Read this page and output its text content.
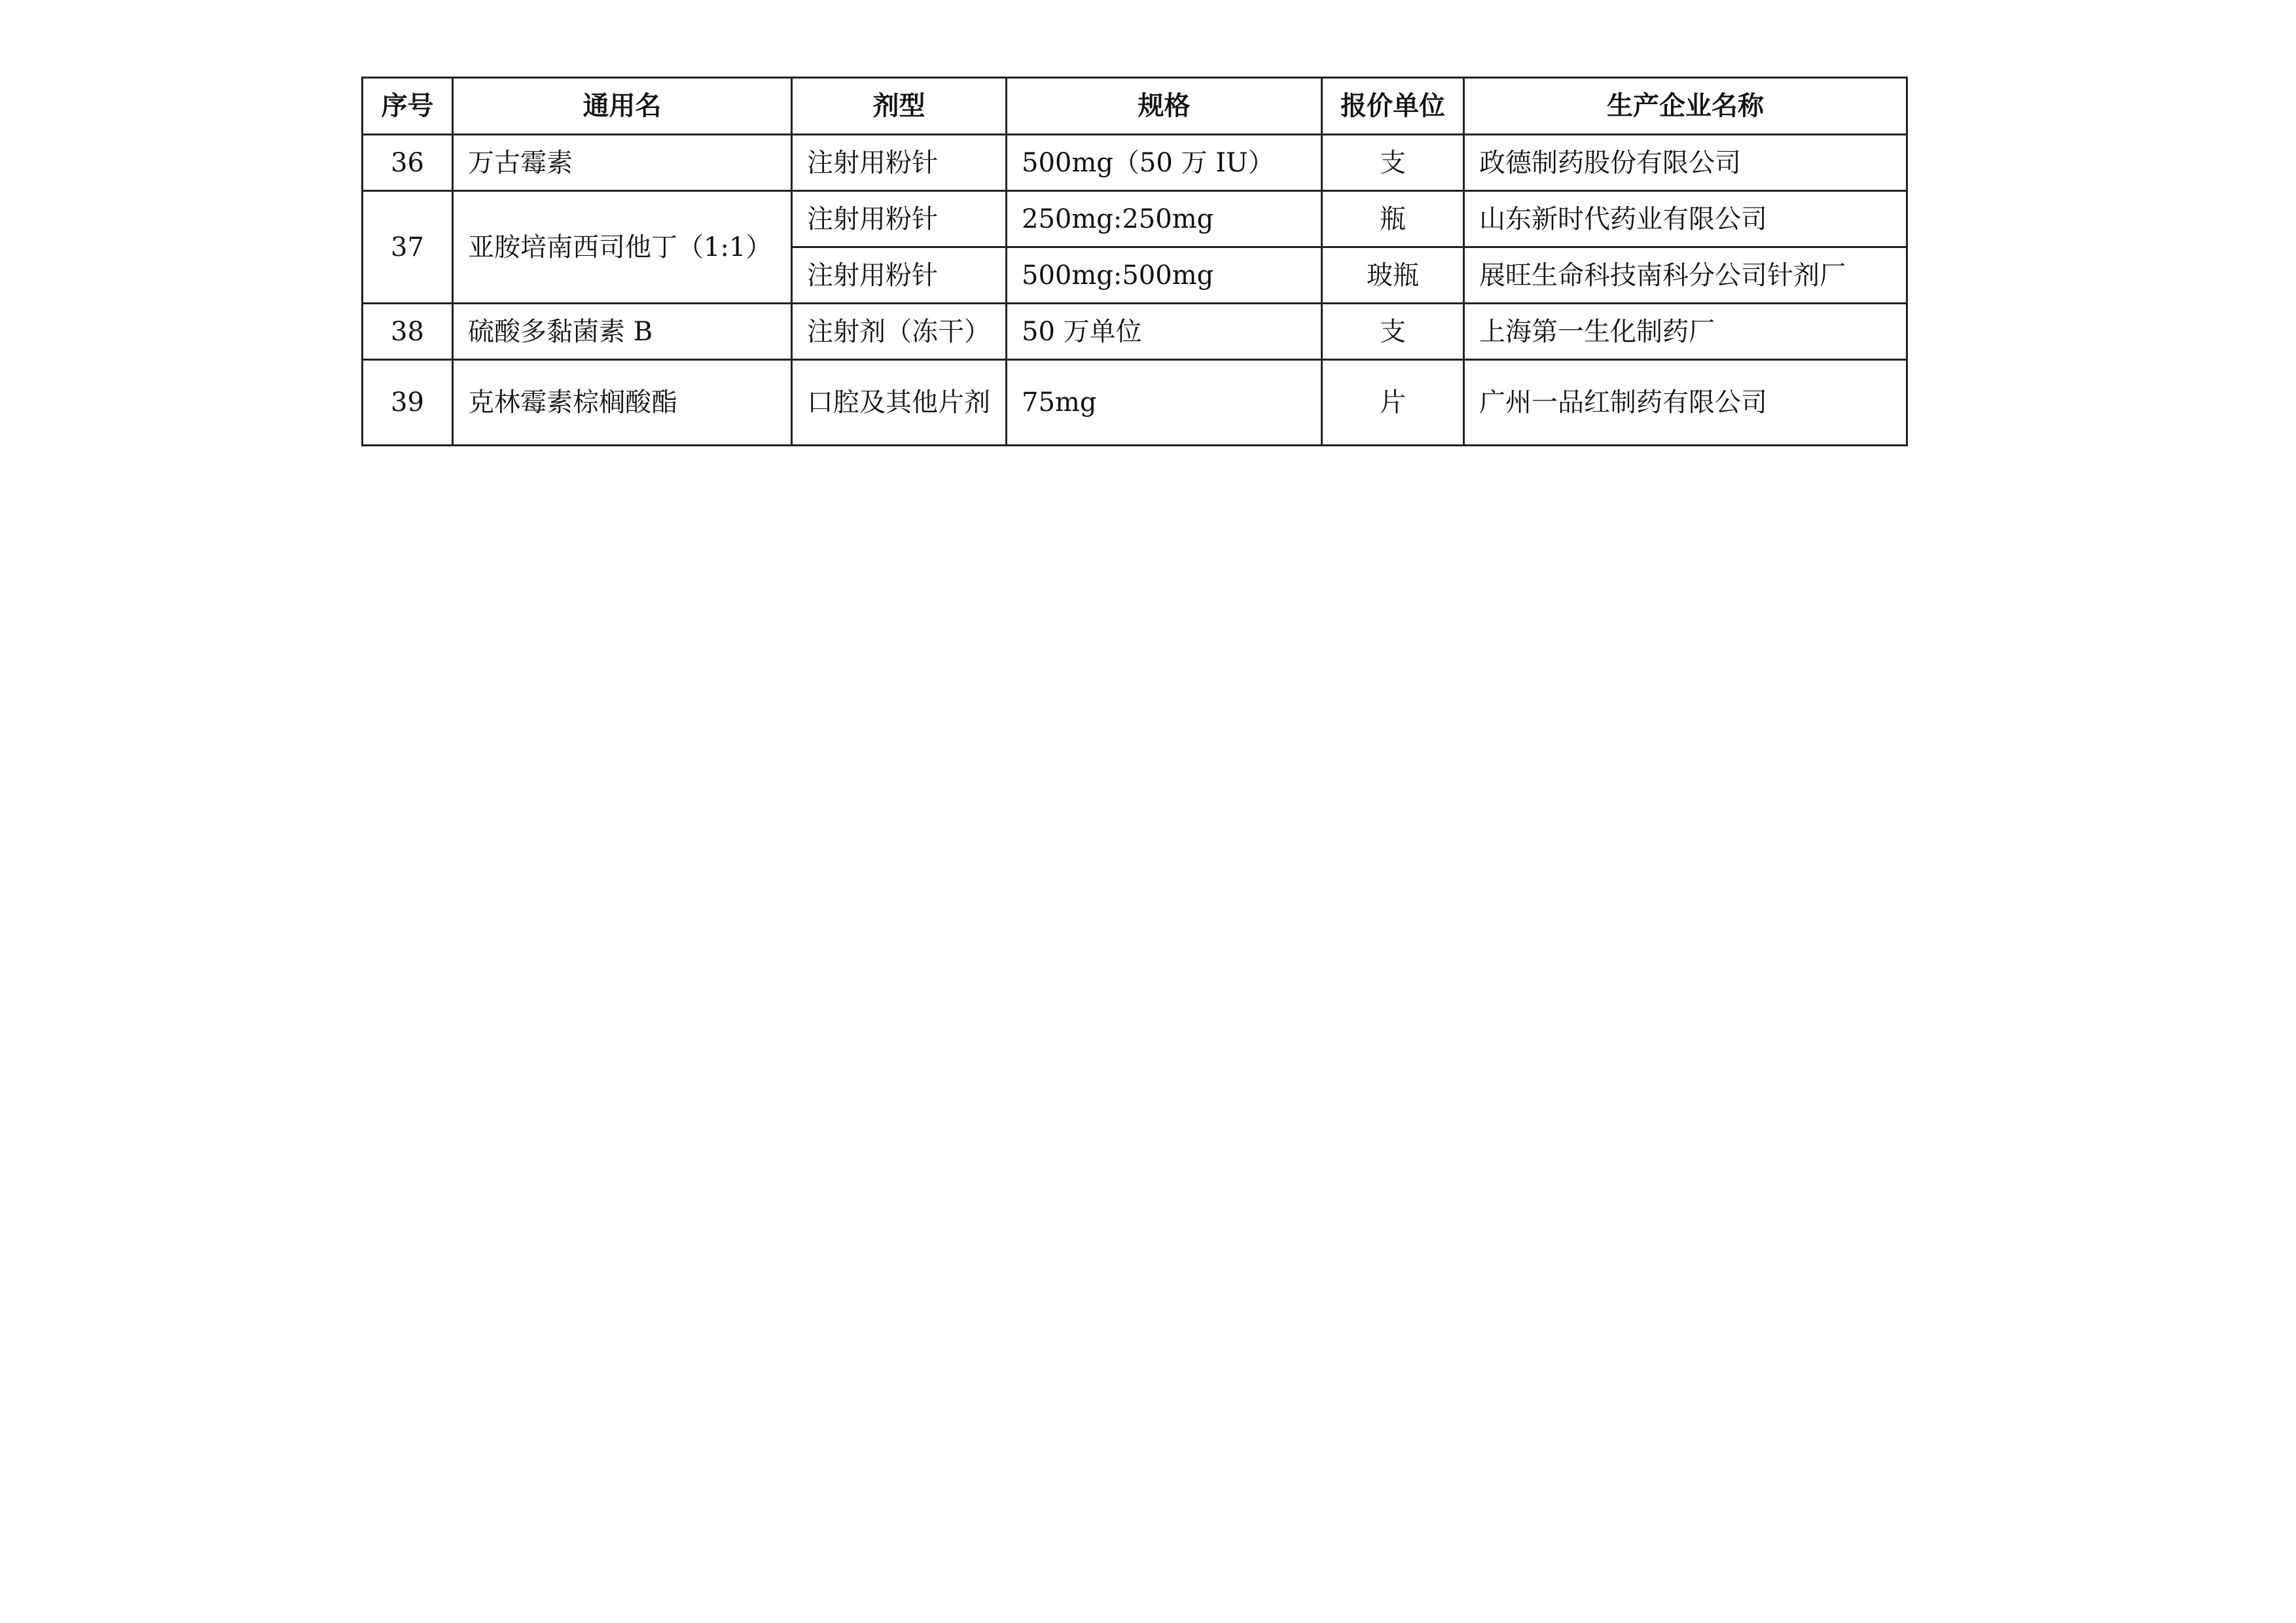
序号	通用名	剂型	规格	报价单位	生产企业名称
36	万古霉素	注射用粉针	500mg（50 万 IU）	支	政德制药股份有限公司
37	亚胺培南西司他丁（1:1）	注射用粉针	250mg:250mg	瓶	山东新时代药业有限公司
		注射用粉针	500mg:500mg	玻瓶	展旺生命科技南科分公司针剂厂
38	硫酸多黏菌素 B	注射剂（冻干）	50 万单位	支	上海第一生化制药厂
39	克林霉素棕榈酸酯	口腔及其他片剂	75mg	片	广州一品红制药有限公司
